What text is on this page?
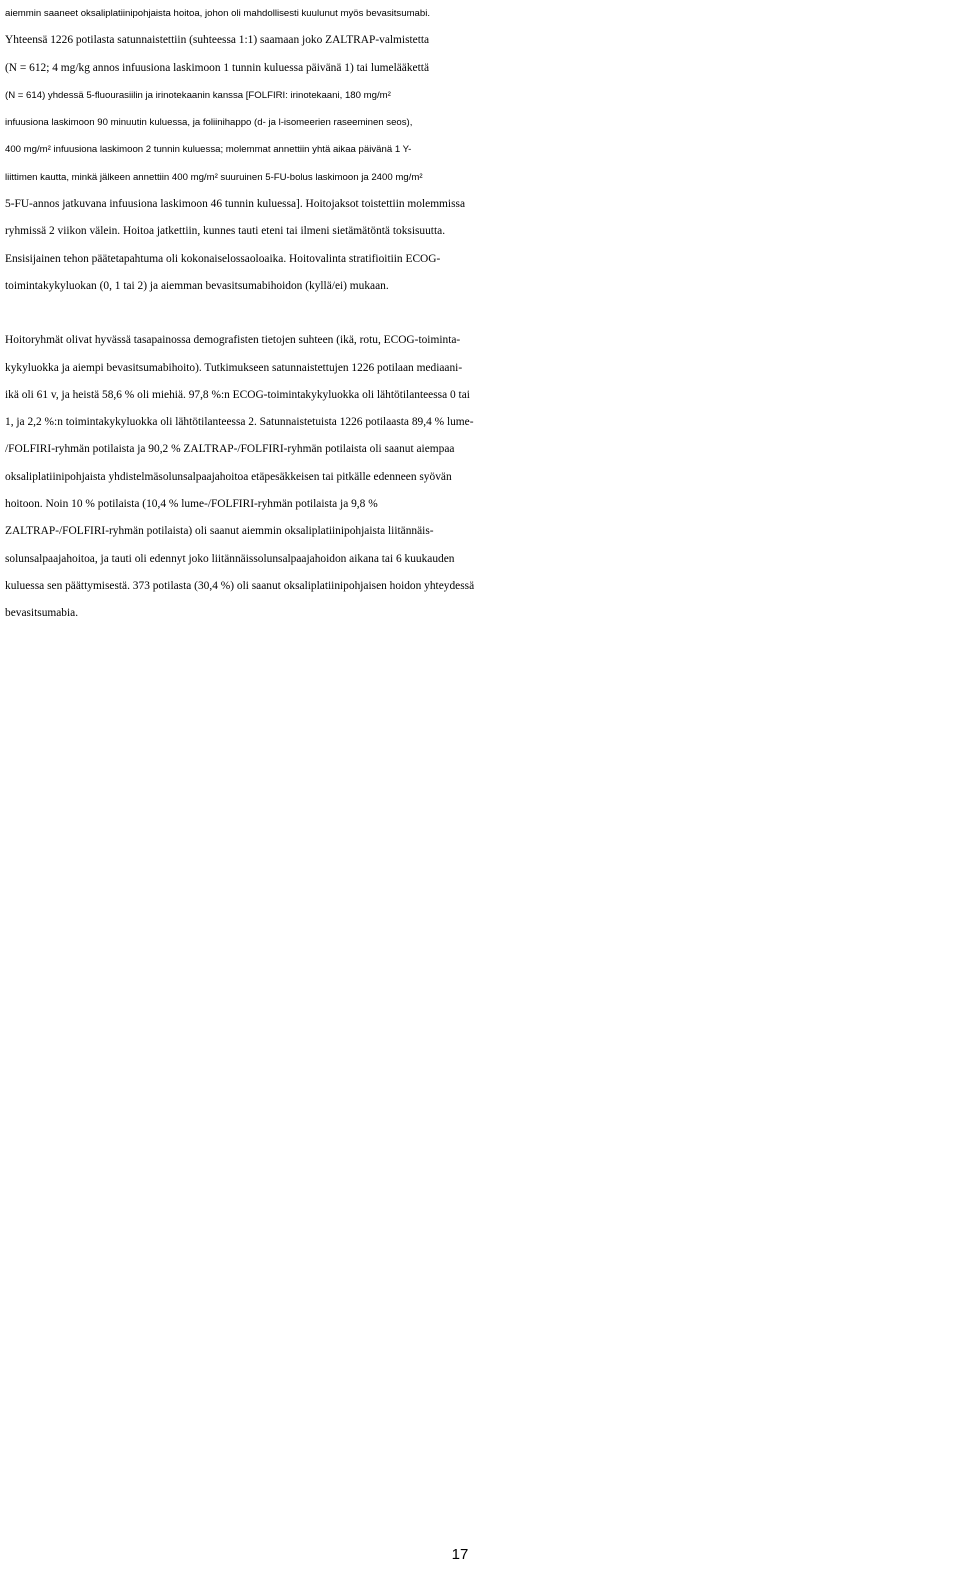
aiemmin saaneet oksaliplatiinipohjaista hoitoa, johon oli mahdollisesti kuulunut myös bevasitsumabi.
Yhteensä 1226 potilasta satunnaistettiin (suhteessa 1:1) saamaan joko ZALTRAP-valmistetta
(N = 612; 4 mg/kg annos infuusiona laskimoon 1 tunnin kuluessa päivänä 1) tai lumelääkettä
(N = 614) yhdessä 5-fluourasiilin ja irinotekaanin kanssa [FOLFIRI: irinotekaani, 180 mg/m²
infuusiona laskimoon 90 minuutin kuluessa, ja foliinihappo (d- ja l-isomeerien raseeminen seos),
400 mg/m² infuusiona laskimoon 2 tunnin kuluessa; molemmat annettiin yhtä aikaa päivänä 1 Y-
liittimen kautta, minkä jälkeen annettiin 400 mg/m² suuruinen 5-FU-bolus laskimoon ja 2400 mg/m²
5-FU-annos jatkuvana infuusiona laskimoon 46 tunnin kuluessa]. Hoitojaksot toistettiin molemmissa
ryhmissä 2 viikon välein. Hoitoa jatkettiin, kunnes tauti eteni tai ilmeni sietämätöntä toksisuutta.
Ensisijainen tehon päätetapahtuma oli kokonaiselossaoloaika. Hoitovalinta stratifioitiin ECOG-
toimintakykyluokan (0, 1 tai 2) ja aiemman bevasitsumabihoidon (kyllä/ei) mukaan.
Hoitoryhmät olivat hyvässä tasapainossa demografisten tietojen suhteen (ikä, rotu, ECOG-toiminta-
kykyluokka ja aiempi bevasitsumabihoito). Tutkimukseen satunnaistettujen 1226 potilaan mediaani-
ikä oli 61 v, ja heistä 58,6 % oli miehiä. 97,8 %:n ECOG-toimintakykyluokka oli lähtötilanteessa 0 tai
1, ja 2,2 %:n toimintakykyluokka oli lähtötilanteessa 2. Satunnaistetuista 1226 potilaasta 89,4 % lume-
/FOLFIRI-ryhmän potilaista ja 90,2 % ZALTRAP-/FOLFIRI-ryhmän potilaista oli saanut aiempaa
oksaliplatiinipohjaista yhdistelmäsolunsalpaajahoitoa etäpesäkkeisen tai pitkälle edenneen syövän
hoitoon. Noin 10 % potilaista (10,4 % lume-/FOLFIRI-ryhmän potilaista ja 9,8 %
ZALTRAP-/FOLFIRI-ryhmän potilaista) oli saanut aiemmin oksaliplatiinipohjaista liitännäis-
solunsalpaajahoitoa, ja tauti oli edennyt joko liitännäissolunsalpaajahoidon aikana tai 6 kuukauden
kuluessa sen päättymisestä. 373 potilasta (30,4 %) oli saanut oksaliplatiinipohjaisen hoidon yhteydessä
bevasitsumabia.
17
